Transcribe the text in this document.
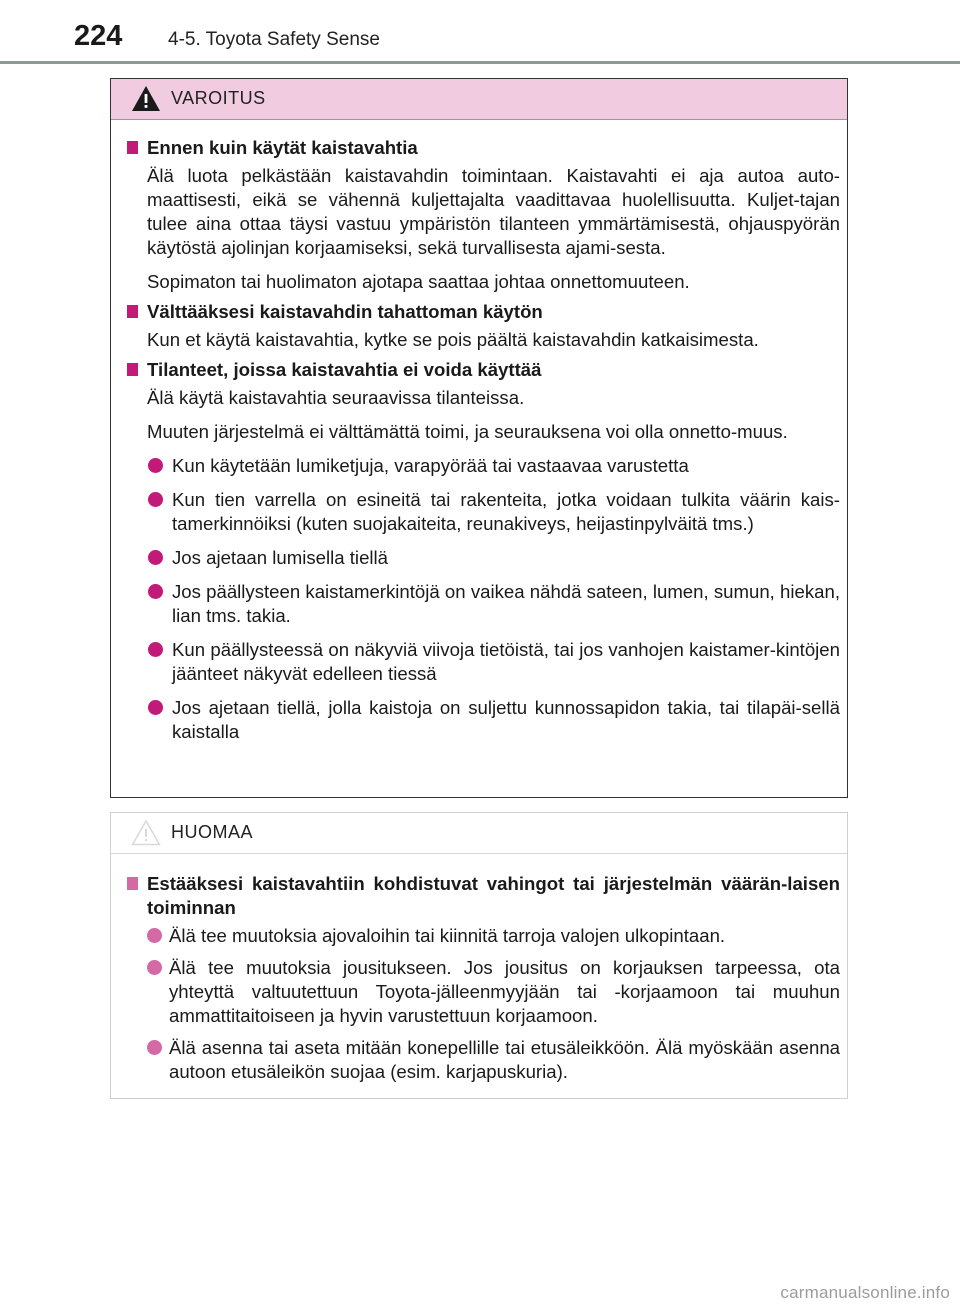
224 4-5. Toyota Safety Sense
VAROITUS
Ennen kuin käytät kaistavahtia
Älä luota pelkästään kaistavahdin toimintaan. Kaistavahti ei aja autoa auto-maattisesti, eikä se vähennä kuljettajalta vaadittavaa huolellisuutta. Kuljet-tajan tulee aina ottaa täysi vastuu ympäristön tilanteen ymmärtämisestä, ohjauspyörän käytöstä ajolinjan korjaamiseksi, sekä turvallisesta ajami-sesta.
Sopimaton tai huolimaton ajotapa saattaa johtaa onnettomuuteen.
Välttääksesi kaistavahdin tahattoman käytön
Kun et käytä kaistavahtia, kytke se pois päältä kaistavahdin katkaisimesta.
Tilanteet, joissa kaistavahtia ei voida käyttää
Älä käytä kaistavahtia seuraavissa tilanteissa.
Muuten järjestelmä ei välttämättä toimi, ja seurauksena voi olla onnetto-muus.
Kun käytetään lumiketjuja, varapyörää tai vastaavaa varustetta
Kun tien varrella on esineitä tai rakenteita, jotka voidaan tulkita väärin kais-tamerkinnöiksi (kuten suojakaiteita, reunakiveys, heijastinpylväitä tms.)
Jos ajetaan lumisella tiellä
Jos päällysteen kaistamerkintöjä on vaikea nähdä sateen, lumen, sumun, hiekan, lian tms. takia.
Kun päällysteessä on näkyviä viivoja tietöistä, tai jos vanhojen kaistamer-kintöjen jäänteet näkyvät edelleen tiessä
Jos ajetaan tiellä, jolla kaistoja on suljettu kunnossapidon takia, tai tilapäi-sellä kaistalla
HUOMAA
Estääksesi kaistavahtiin kohdistuvat vahingot tai järjestelmän väärän-laisen toiminnan
Älä tee muutoksia ajovaloihin tai kiinnitä tarroja valojen ulkopintaan.
Älä tee muutoksia jousitukseen. Jos jousitus on korjauksen tarpeessa, ota yhteyttä valtuutettuun Toyota-jälleenmyyjään tai -korjaamoon tai muuhun ammattitaitoiseen ja hyvin varustettuun korjaamoon.
Älä asenna tai aseta mitään konepellille tai etusäleikköön. Älä myöskään asenna autoon etusäleikön suojaa (esim. karjapuskuria).
carmanualsonline.info
